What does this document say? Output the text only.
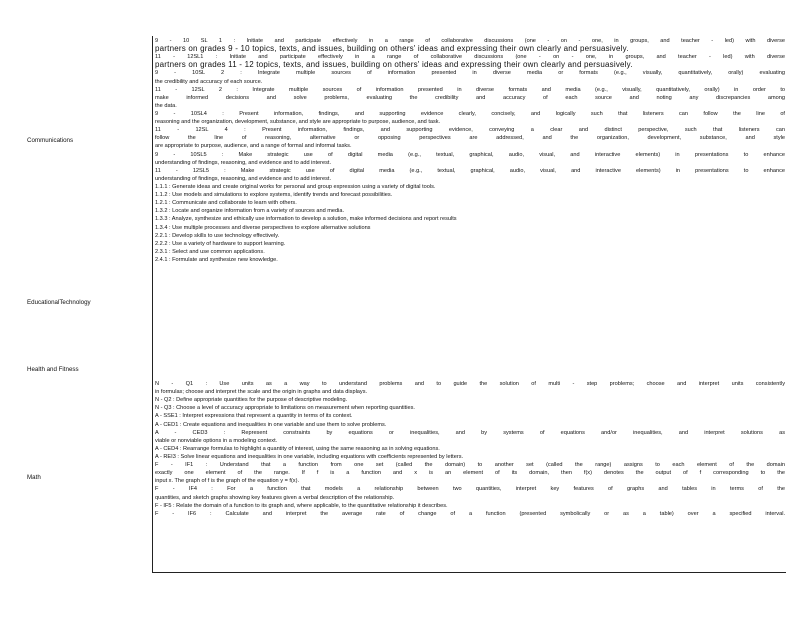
Communications
EducationalTechnology
Health and Fitness
Math
9 - 10 SL 1 : Initiate and participate effectively in a range of collaborative discussions (one - on - one, in groups, and teacher - led) with diverse
partners on grades 9 - 10 topics, texts, and issues, building on others' ideas and expressing their own clearly and persuasively.
11 - 12SL1 : Initiate and participate effectively in a range of collaborative discussions (one - on - one, in groups, and teacher - led) with diverse
partners on grades 11 - 12 topics, texts, and issues, building on others' ideas and expressing their own clearly and persuasively.
9 - 10SL 2 : Integrate multiple sources of information presented in diverse media or formats (e.g., visually, quantitatively, orally) evaluating
the credibility and accuracy of each source.
11 - 12SL 2 : Integrate multiple sources of information presented in diverse formats and media (e.g., visually, quantitatively, orally) in order to
make informed decisions and solve problems, evaluating the credibility and accuracy of each source and noting any discrepancies among
the data.
9 - 10SL4 : Present information, findings, and supporting evidence clearly, concisely, and logically such that listeners can follow the line of
reasoning and the organization, development, substance, and style are appropriate to purpose, audience, and task.
11 - 12SL 4 : Present information, findings, and supporting evidence, conveying a clear and distinct perspective, such that listeners can
follow the line of reasoning, alternative or opposing perspectives are addressed, and the organization, development, substance, and style
are appropriate to purpose, audience, and a range of formal and informal tasks.
9 - 10SL5 : Make strategic use of digital media (e.g., textual, graphical, audio, visual, and interactive elements) in presentations to enhance
understanding of findings, reasoning, and evidence and to add interest.
11 - 12SL5 : Make strategic use of digital media (e.g., textual, graphical, audio, visual, and interactive elements) in presentations to enhance
understanding of findings, reasoning, and evidence and to add interest.
1.1.1 : Generate ideas and create original works for personal and group expression using a variety of digital tools.
1.1.2 : Use models and simulations to explore systems, identify trends and forecast possibilities.
1.2.1 : Communicate and collaborate to learn with others.
1.3.2 : Locate and organize information from a variety of sources and media.
1.3.3 : Analyze, synthesize and ethically use information to develop a solution, make informed decisions and report results
1.3.4 : Use multiple processes and diverse perspectives to explore alternative solutions
2.2.1 : Develop skills to use technology effectively.
2.2.2 : Use a variety of hardware to support learning.
2.3.1 : Select and use common applications.
2.4.1 : Formulate and synthesize new knowledge.
N - Q1 : Use units as a way to understand problems and to guide the solution of multi - step problems; choose and interpret units consistently
in formulas; choose and interpret the scale and the origin in graphs and data displays.
N - Q2 : Define appropriate quantities for the purpose of descriptive modeling.
N - Q3 : Choose a level of accuracy appropriate to limitations on measurement when reporting quantities.
A - SSE1 : Interpret expressions that represent a quantity in terms of its context.
A - CED1 : Create equations and inequalities in one variable and use them to solve problems.
A - CED3 : Represent constraints by equations or inequalities, and by systems of equations and/or inequalities, and interpret solutions as
viable or nonviable options in a modeling context.
A - CED4 : Rearrange formulas to highlight a quantity of interest, using the same reasoning as in solving equations.
A - REI3 : Solve linear equations and inequalities in one variable, including equations with coefficients represented by letters.
F - IF1 : Understand that a function from one set (called the domain) to another set (called the range) assigns to each element of the domain
exactly one element of the range. If f is a function and x is an element of its domain, then f(x) denotes the output of f corresponding to the
input x. The graph of f is the graph of the equation y = f(x).
F - IF4 : For a function that models a relationship between two quantities, interpret key features of graphs and tables in terms of the
quantities, and sketch graphs showing key features given a verbal description of the relationship.
F - IF5 : Relate the domain of a function to its graph and, where applicable, to the quantitative relationship it describes.
F - IF6 : Calculate and interpret the average rate of change of a function (presented symbolically or as a table) over a specified interval.
